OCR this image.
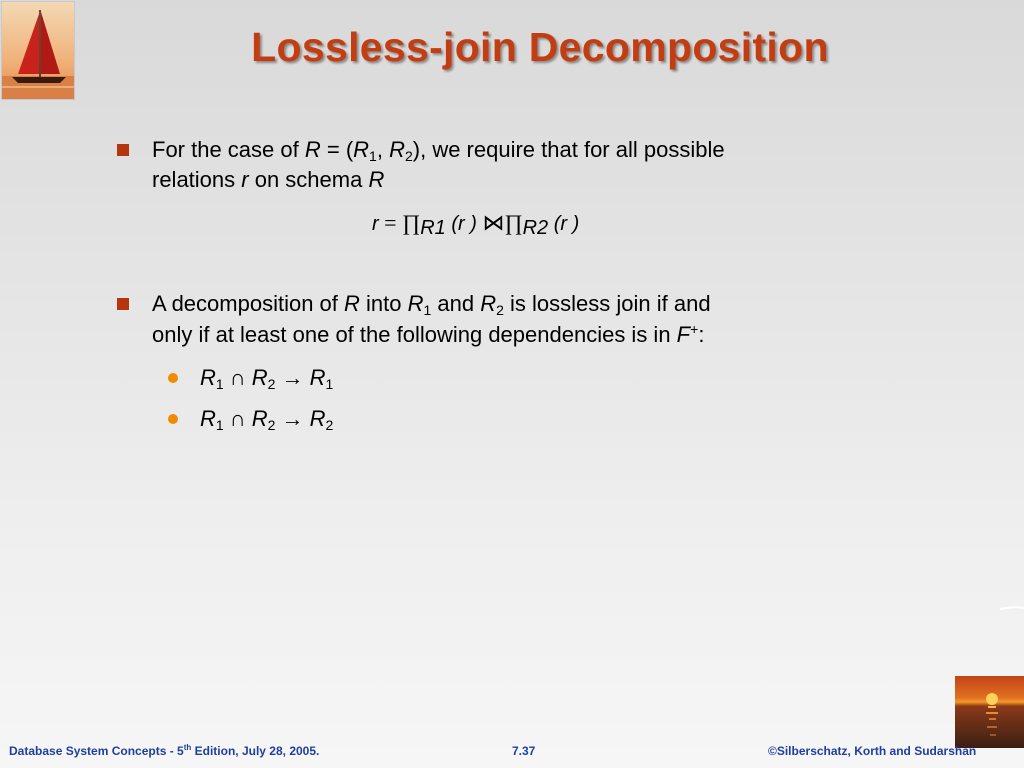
Lossless-join Decomposition
For the case of $R = (R_1$, $R_2$), we require that for all possible
relations r on schema R
$r = \prod_{R1}$ (r ) $⋈\prod_{R2}$ (r )
A decomposition of R into $R_1$ and $R_2$ is lossless join if and
only if at least one of the following dependencies is in F+:
$R_1$ ∩ $R_2 \to R_1$
$R_1$ ∩ $R_2 \to R_2$
Database System Concepts - 5th Edition, July 28, 2005.	7.37	©Silberschatz, Korth and Sudarshan
